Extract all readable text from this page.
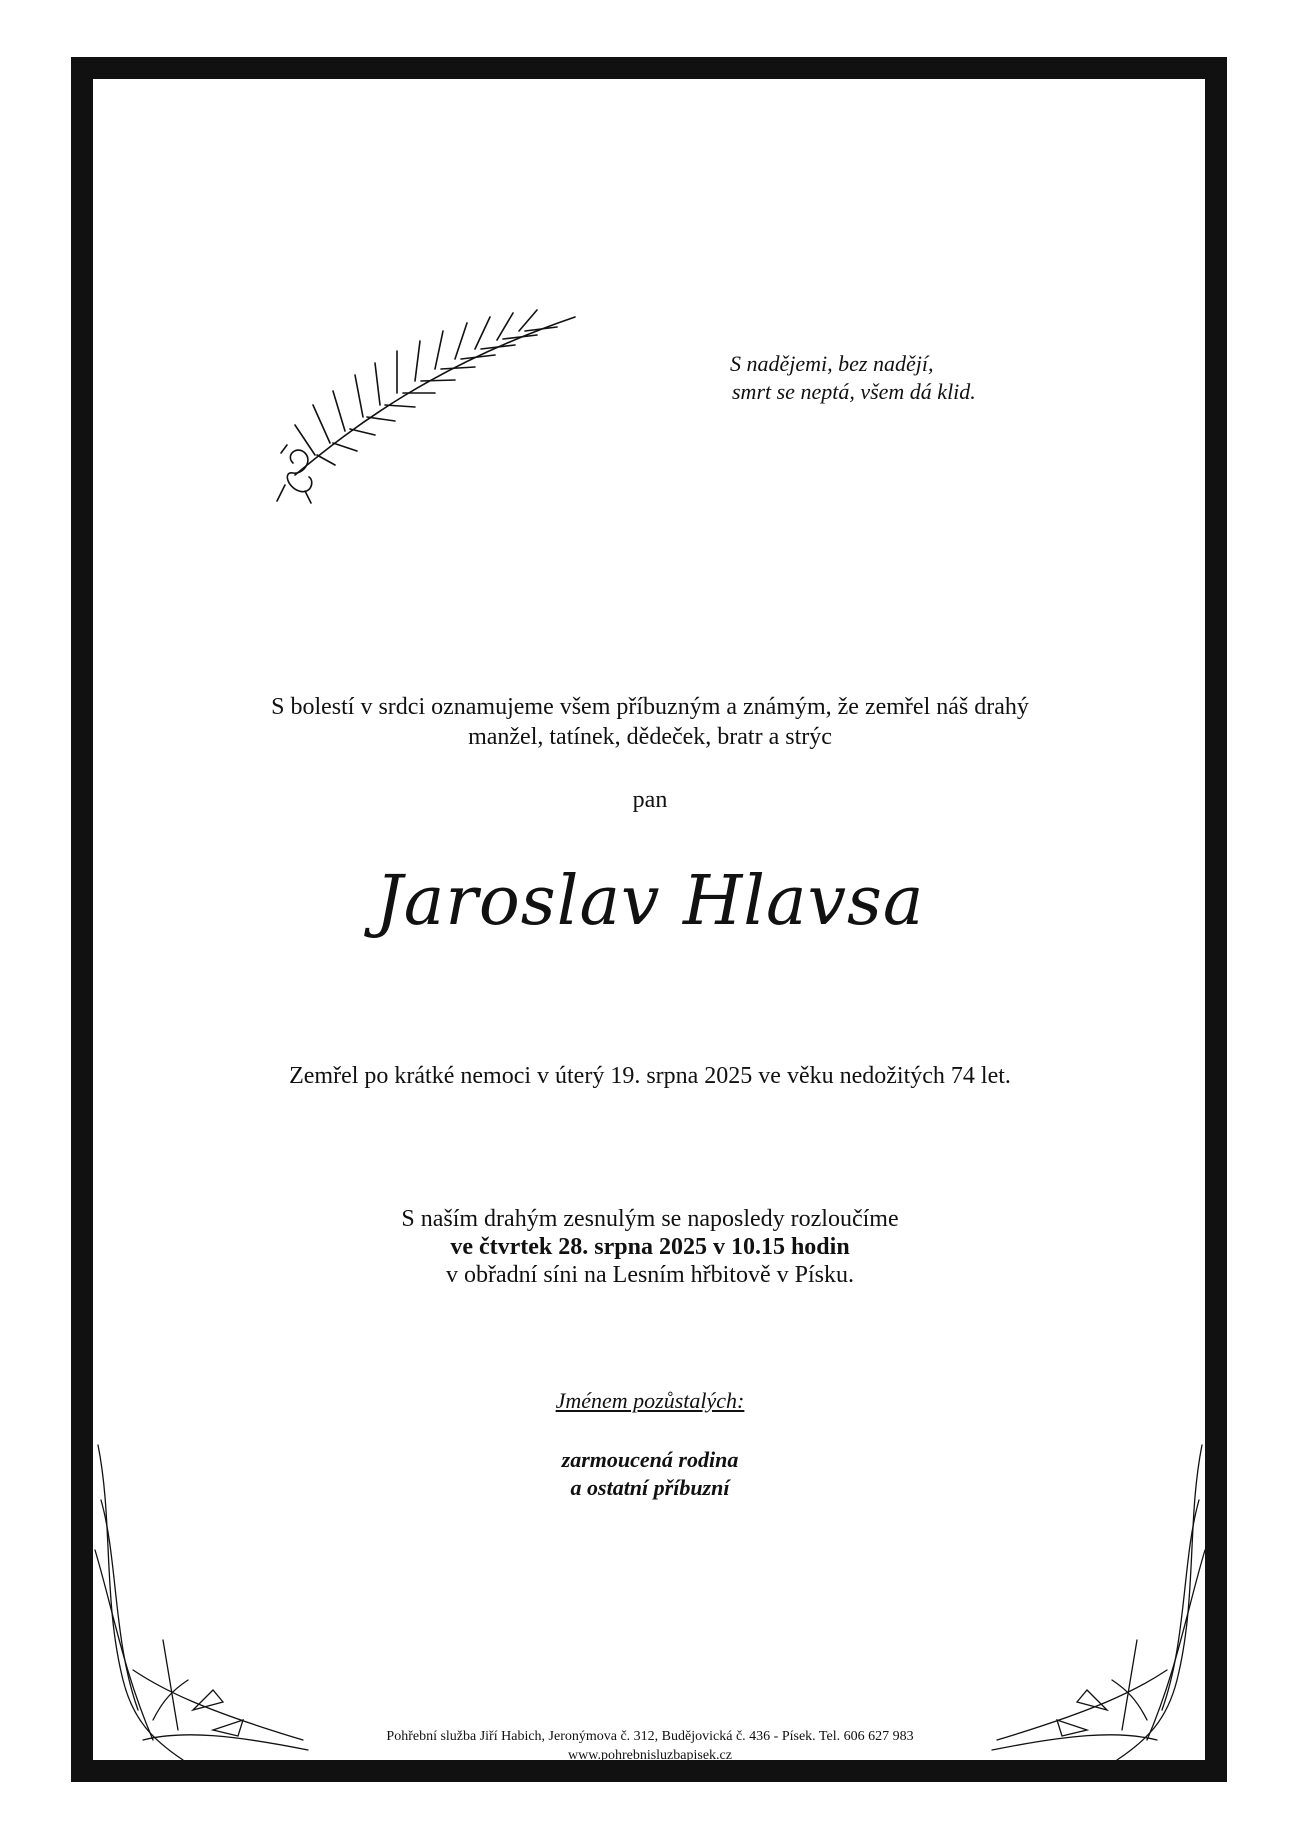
S nadějemi, bez nadějí,
smrt se neptá, všem dá klid.
S bolestí v srdci oznamujeme všem příbuzným a známým, že zemřel náš drahý
manžel, tatínek, dědeček, bratr a strýc
pan
Jaroslav Hlavsa
Zemřel po krátké nemoci v úterý 19. srpna 2025 ve věku nedožitých 74 let.
S naším drahým zesnulým se naposledy rozloučíme
ve čtvrtek 28. srpna 2025 v 10.15 hodin
v obřadní síni na Lesním hřbitově v Písku.
Jménem pozůstalých:
zarmoucená rodina
a ostatní příbuzní
Pohřební služba Jiří Habich, Jeronýmova č. 312, Budějovická č. 436 - Písek. Tel. 606 627 983
www.pohrebnisluzbapisek.cz
